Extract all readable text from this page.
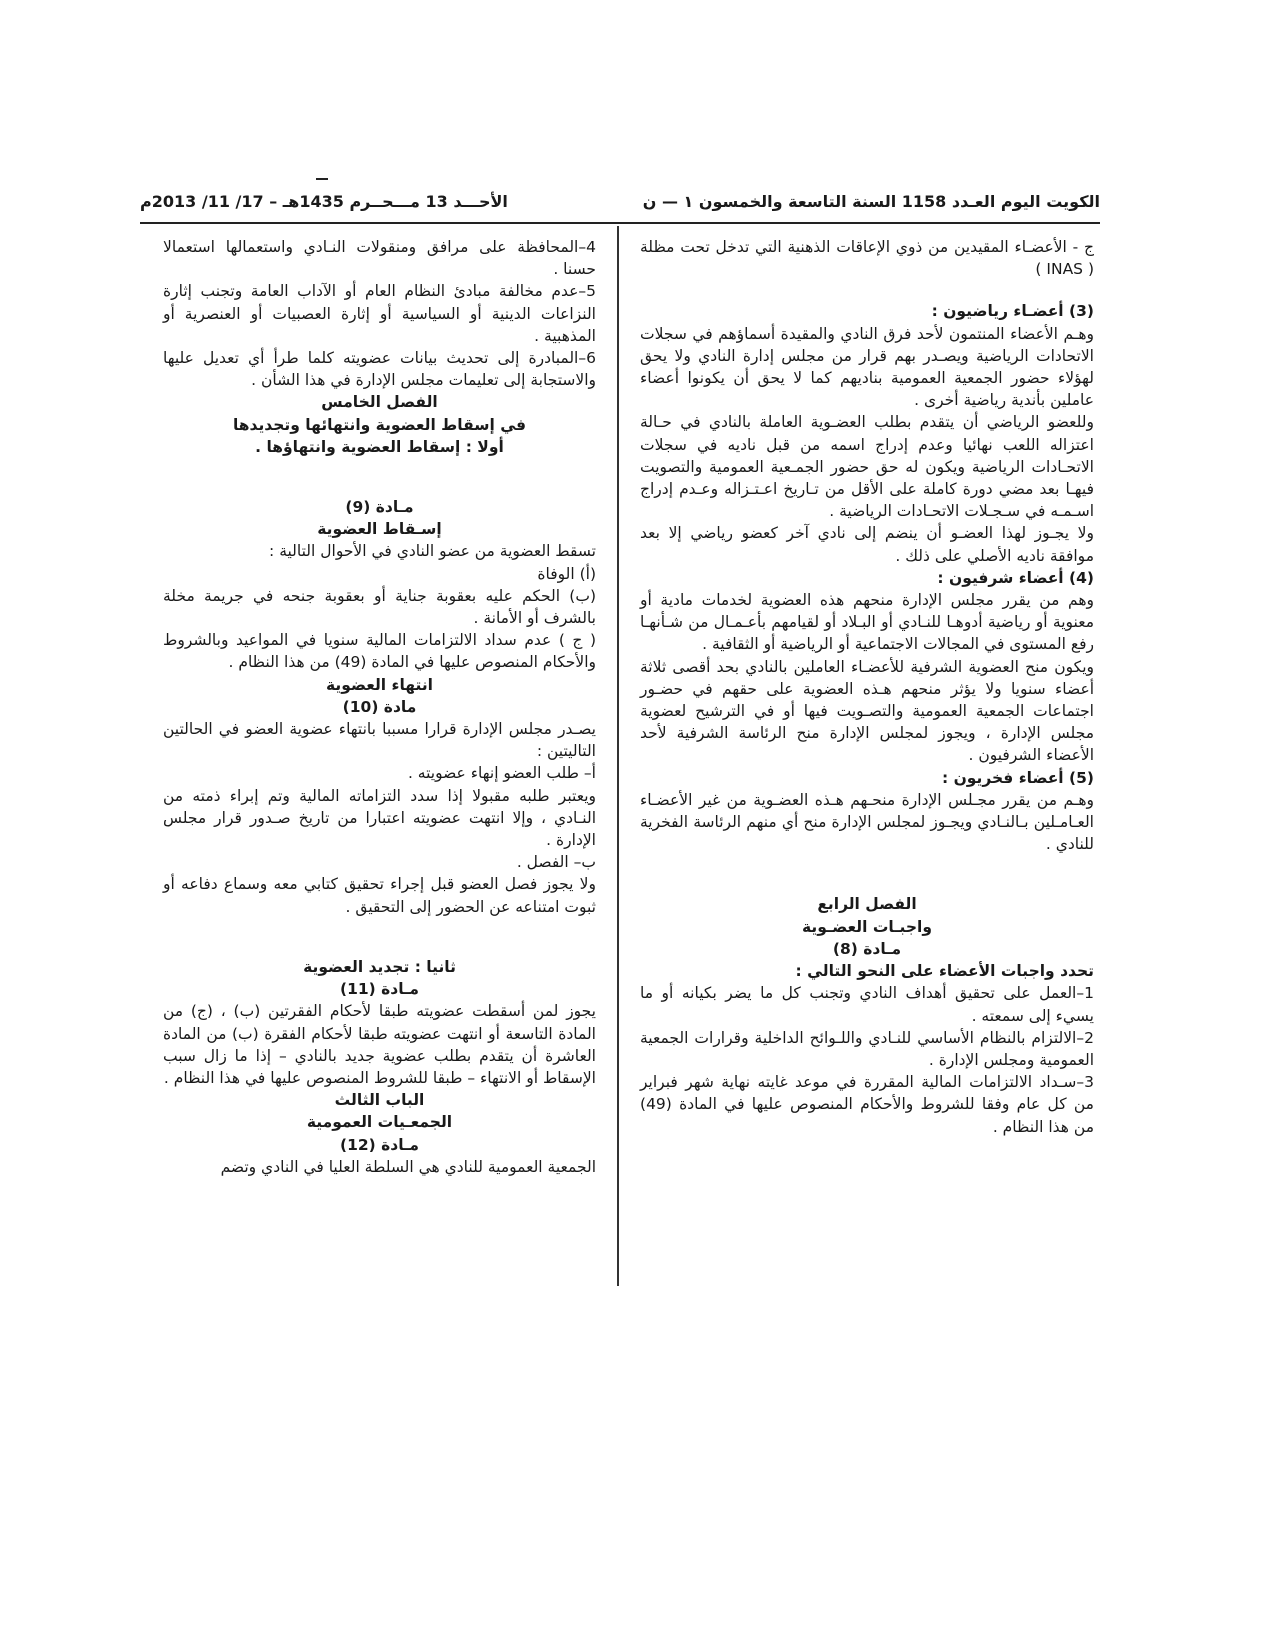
الكويت اليوم العـدد 1158 السنة التاسعة والخمسون ١ — ن
الأحـــد 13 مـــحــرم 1435هـ – 17/ 11/ 2013م
ج - الأعضـاء المقيدين من ذوي الإعاقات الذهنية التي تدخل تحت مظلة ( INAS )
(3) أعضـاء رياضيون :
وهـم الأعضاء المنتمون لأحد فرق النادي والمقيدة أسماؤهم في سجلات الاتحادات الرياضية ويصـدر بهم قرار من مجلس إدارة النادي ولا يحق لهؤلاء حضور الجمعية العمومية بناديهم كما لا يحق أن يكونوا أعضاء عاملين بأندية رياضية أخرى .
وللعضو الرياضي أن يتقدم بطلب العضـوية العاملة بالنادي في حـالة اعتزاله اللعب نهائيا وعدم إدراج اسمه من قبل ناديه في سجلات الاتحـادات الرياضية ويكون له حق حضور الجمـعية العمومية والتصويت فيهـا بعد مضي دورة كاملة على الأقل من تـاريخ اعـتـزاله وعـدم إدراج اسـمـه في سـجـلات الاتحـادات الرياضية .
ولا يجـوز لهذا العضـو أن ينضم إلى نادي آخر كعضو رياضي إلا بعد موافقة ناديه الأصلي على ذلك .
(4) أعضاء شرفيون :
وهم من يقرر مجلس الإدارة منحهم هذه العضوية لخدمات مادية أو معنوية أو رياضية أدوهـا للنـادي أو البـلاد أو لقيامهم بأعـمـال من شـأنهـا رفع المستوى في المجالات الاجتماعية أو الرياضية أو الثقافية .
ويكون منح العضوية الشرفية للأعضـاء العاملين بالنادي بحد أقصى ثلاثة أعضاء سنويا ولا يؤثر منحهم هـذه العضوية على حقهم في حضـور اجتماعات الجمعية العمومية والتصـويت فيها أو في الترشيح لعضوية مجلس الإدارة ، ويجوز لمجلس الإدارة منح الرئاسة الشرفية لأحد الأعضاء الشرفيون .
(5) أعضاء فخريون :
وهـم من يقرر مجـلس الإدارة منحـهم هـذه العضـوية من غير الأعضـاء العـامـلين بـالنـادي ويجـوز لمجلس الإدارة منح أي منهم الرئاسة الفخرية للنادي .
الفصل الرابع
واجبـات العضـوية
مـادة (8)
تحدد واجبات الأعضاء على النحو التالي :
1–العمل على تحقيق أهداف النادي وتجنب كل ما يضر بكيانه أو ما يسيء إلى سمعته .
2–الالتزام بالنظام الأساسي للنـادي واللـوائح الداخلية وقرارات الجمعية العمومية ومجلس الإدارة .
3–سـداد الالتزامات المالية المقررة في موعد غايته نهاية شهر فبراير من كل عام وفقا للشروط والأحكام المنصوص عليها في المادة (49) من هذا النظام .
4–المحافظة على مرافق ومنقولات النـادي واستعمالها استعمالا حسنا .
5–عدم مخالفة مبادئ النظام العام أو الآداب العامة وتجنب إثارة النزاعات الدينية أو السياسية أو إثارة العصبيات أو العنصرية أو المذهبية .
6–المبادرة إلى تحديث بيانات عضويته كلما طرأ أي تعديل عليها والاستجابة إلى تعليمات مجلس الإدارة في هذا الشأن .
الفصل الخامس
في إسقاط العضوية وانتهائها وتجديدها
أولا : إسقاط العضوية وانتهاؤها .
مـادة (9)
إسـقاط العضوية
تسقط العضوية من عضو النادي في الأحوال التالية :
(أ) الوفاة
(ب) الحكم عليه بعقوبة جناية أو بعقوبة جنحه في جريمة مخلة بالشرف أو الأمانة .
( ج ) عدم سداد الالتزامات المالية سنويا في المواعيد وبالشروط والأحكام المنصوص عليها في المادة (49) من هذا النظام .
انتهاء العضوية
مادة (10)
يصـدر مجلس الإدارة قرارا مسببا بانتهاء عضوية العضو في الحالتين التاليتين :
أ– طلب العضو إنهاء عضويته .
ويعتبر طلبه مقبولا إذا سدد التزاماته المالية وتم إبراء ذمته من النـادي ، وإلا انتهت عضويته اعتبارا من تاريخ صـدور قرار مجلس الإدارة .
ب– الفصل .
ولا يجوز فصل العضو قبل إجراء تحقيق كتابي معه وسماع دفاعه أو ثبوت امتناعه عن الحضور إلى التحقيق .
ثانيا : تجديد العضوية
مـادة (11)
يجوز لمن أسقطت عضويته طبقا لأحكام الفقرتين (ب) ، (ج) من المادة التاسعة أو انتهت عضويته طبقا لأحكام الفقرة (ب) من المادة العاشرة أن يتقدم بطلب عضوية جديد بالنادي – إذا ما زال سبب الإسقاط أو الانتهاء – طبقا للشروط المنصوص عليها في هذا النظام .
الباب الثالث
الجمعـيات العمومية
مـادة (12)
الجمعية العمومية للنادي هي السلطة العليا في النادي وتضم
